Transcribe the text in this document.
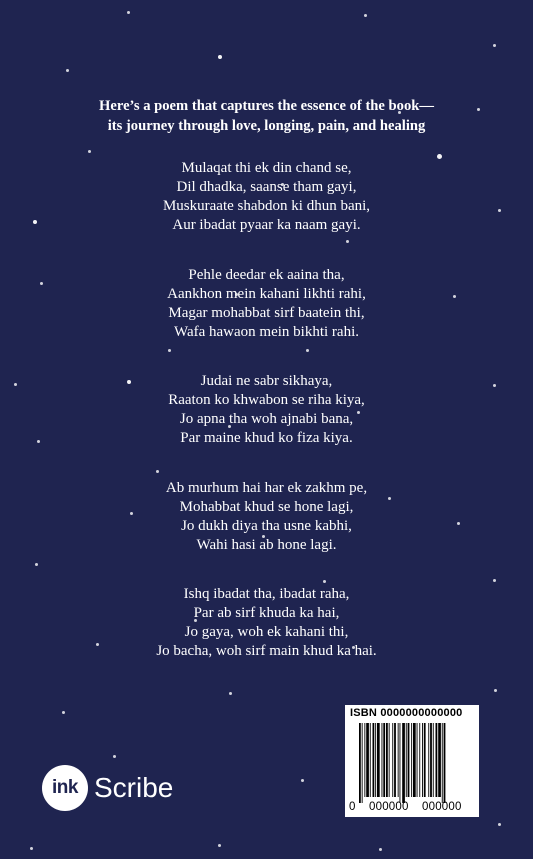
Here’s a poem that captures the essence of the book—
its journey through love, longing, pain, and healing
Mulaqat thi ek din chand se,
Dil dhadka, saanse tham gayi,
Muskuraate shabdon ki dhun bani,
Aur ibadat pyaar ka naam gayi.
Pehle deedar ek aaina tha,
Aankhon mein kahani likhti rahi,
Magar mohabbat sirf baatein thi,
Wafa hawaon mein bikhti rahi.
Judai ne sabr sikhaya,
Raaton ko khwabon se riha kiya,
Jo apna tha woh ajnabi bana,
Par maine khud ko fiza kiya.
Ab murhum hai har ek zakhm pe,
Mohabbat khud se hone lagi,
Jo dukh diya tha usne kabhi,
Wahi hasi ab hone lagi.
Ishq ibadat tha, ibadat raha,
Par ab sirf khuda ka hai,
Jo gaya, woh ek kahani thi,
Jo bacha, woh sirf main khud ka hai.
ISBN 0000000000000
0 000000 000000
ink Scribe
